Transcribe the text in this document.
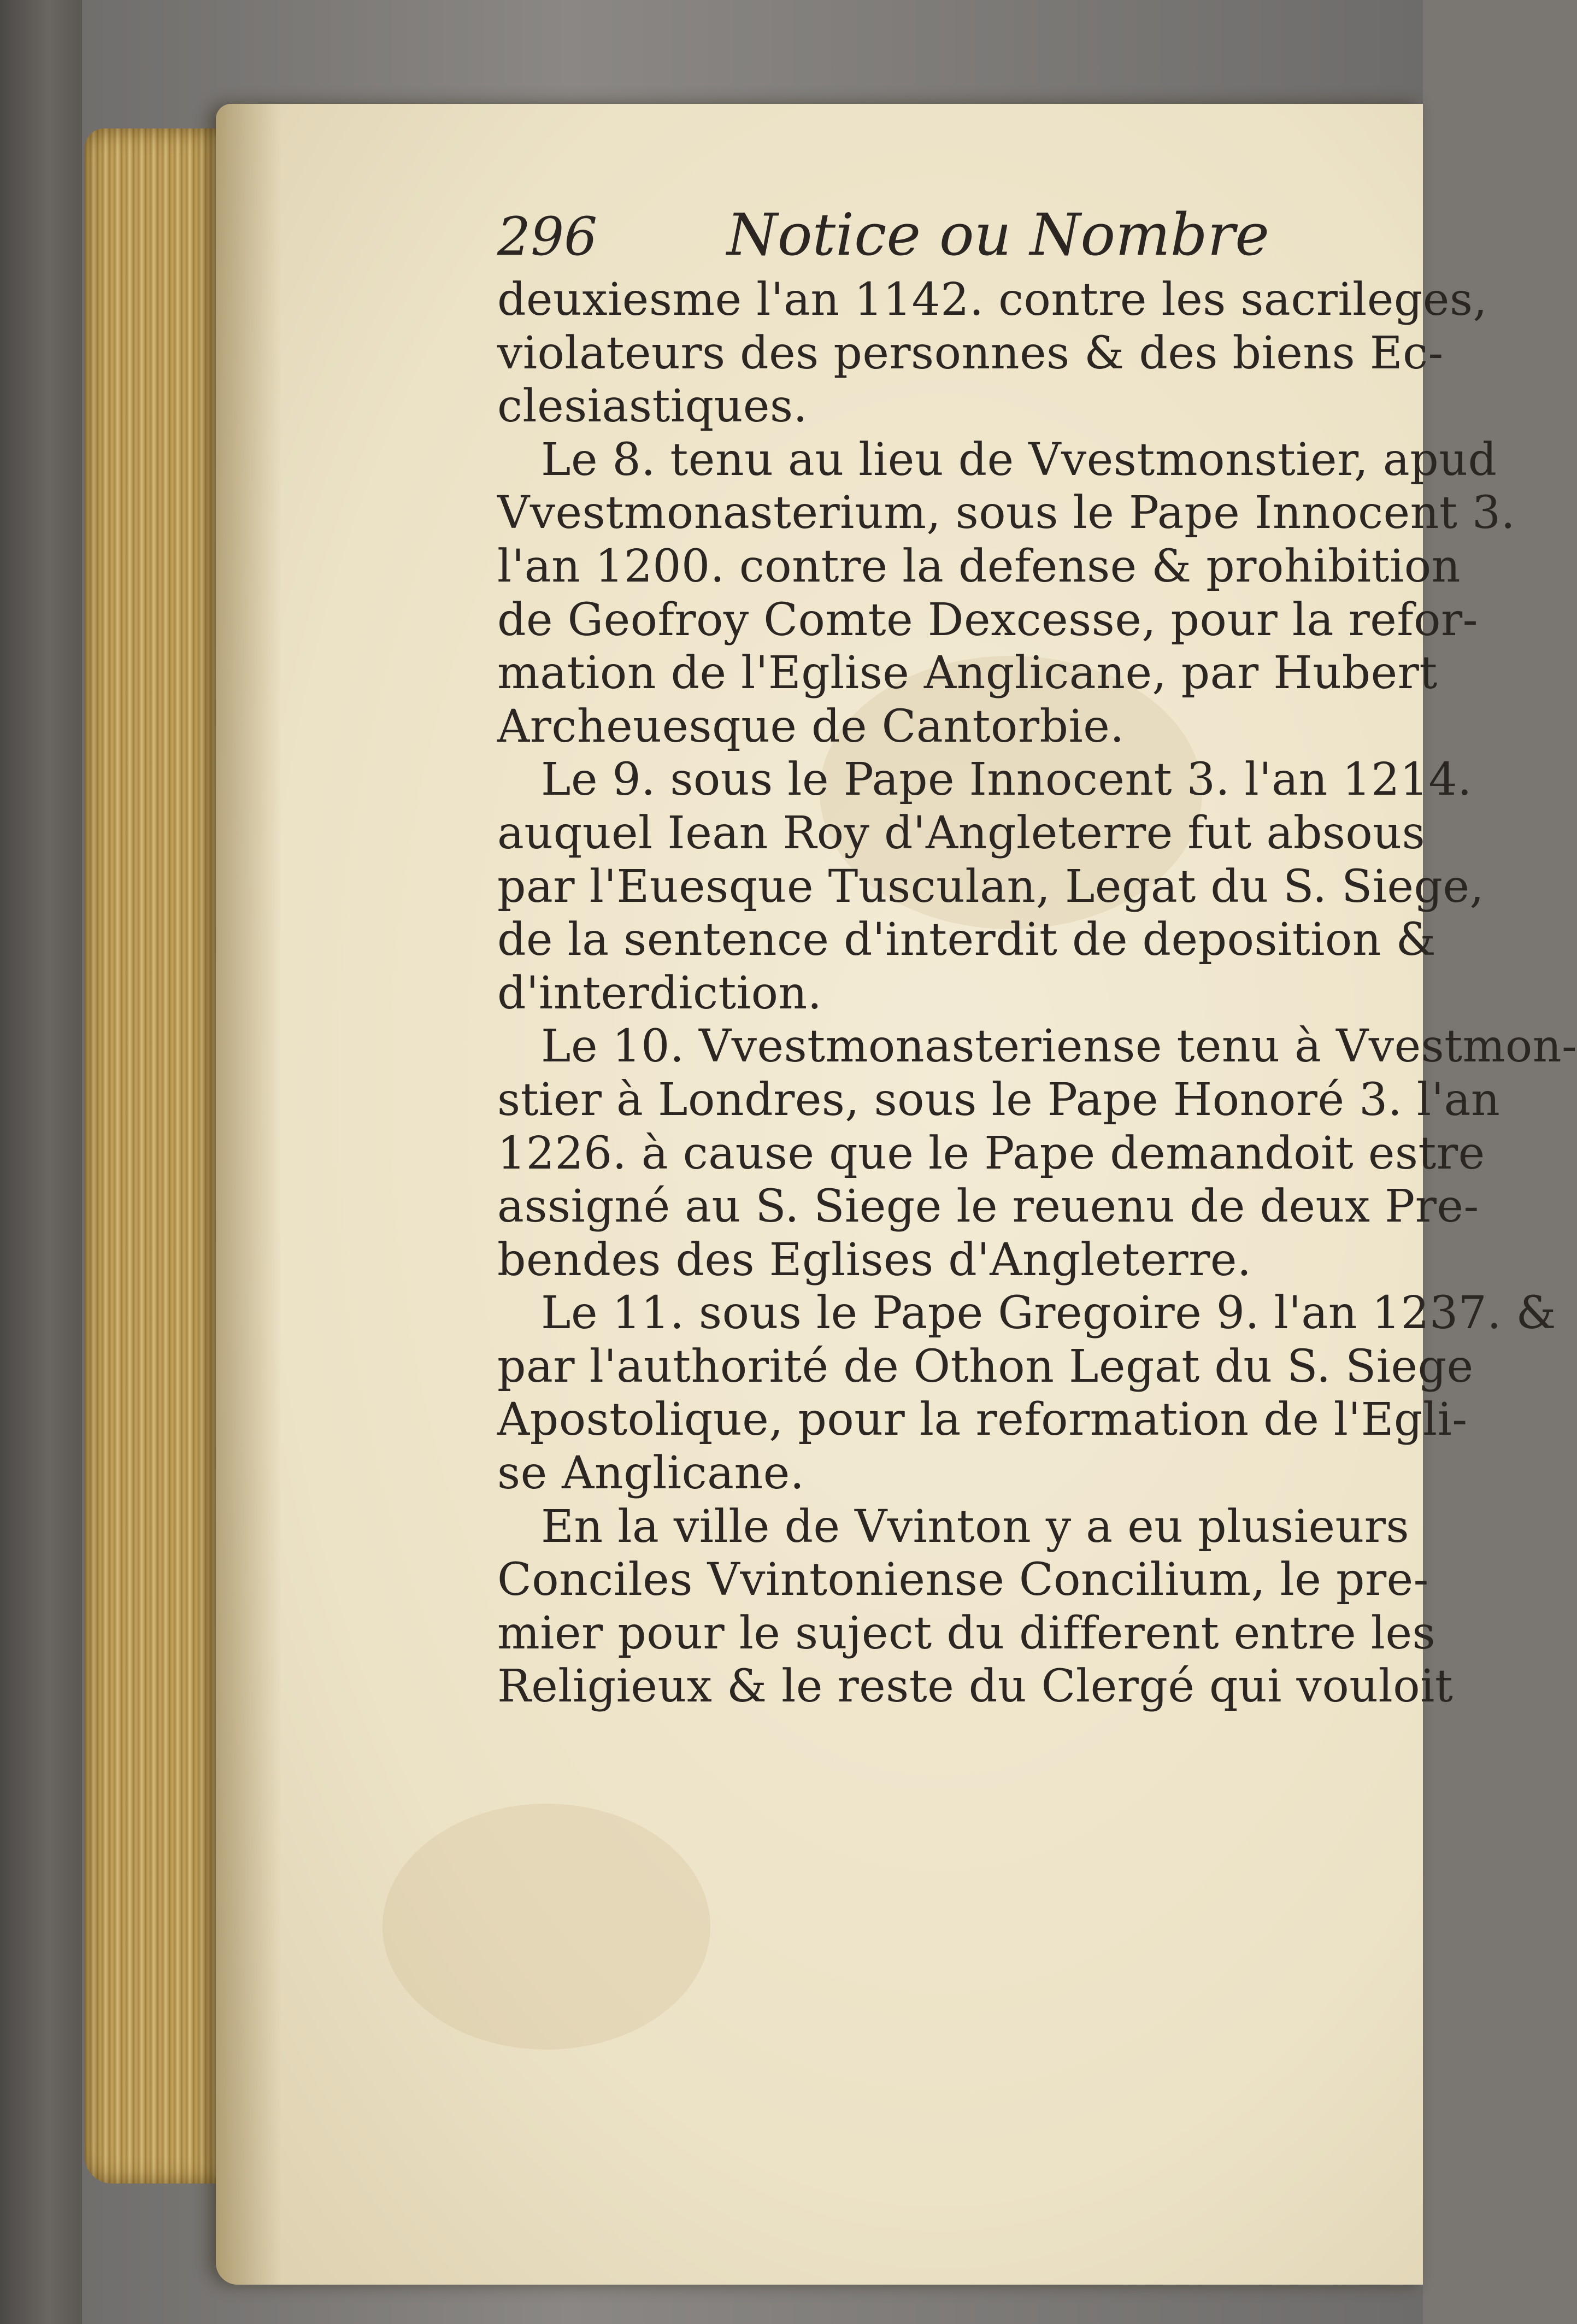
296	Notice ou Nombre
deuxiesme l'an 1142. contre les sacrileges,
violateurs des personnes & des biens Ec-
clesiastiques.
Le 8. tenu au lieu de Vvestmonstier, apud
Vvestmonasterium, sous le Pape Innocent 3.
l'an 1200. contre la defense & prohibition
de Geofroy Comte Dexcesse, pour la refor-
mation de l'Eglise Anglicane, par Hubert
Archeuesque de Cantorbie.
Le 9. sous le Pape Innocent 3. l'an 1214.
auquel Iean Roy d'Angleterre fut absous
par l'Euesque Tusculan, Legat du S. Siege,
de la sentence d'interdit de deposition &
d'interdiction.
Le 10. Vvestmonasteriense tenu à Vvestmon-
stier à Londres, sous le Pape Honoré 3. l'an
1226. à cause que le Pape demandoit estre
assigné au S. Siege le reuenu de deux Pre-
bendes des Eglises d'Angleterre.
Le 11. sous le Pape Gregoire 9. l'an 1237. &
par l'authorité de Othon Legat du S. Siege
Apostolique, pour la reformation de l'Egli-
se Anglicane.
En la ville de Vvinton y a eu plusieurs
Conciles Vvintoniense Concilium, le pre-
mier pour le suject du different entre les
Religieux & le reste du Clergé qui vouloit
